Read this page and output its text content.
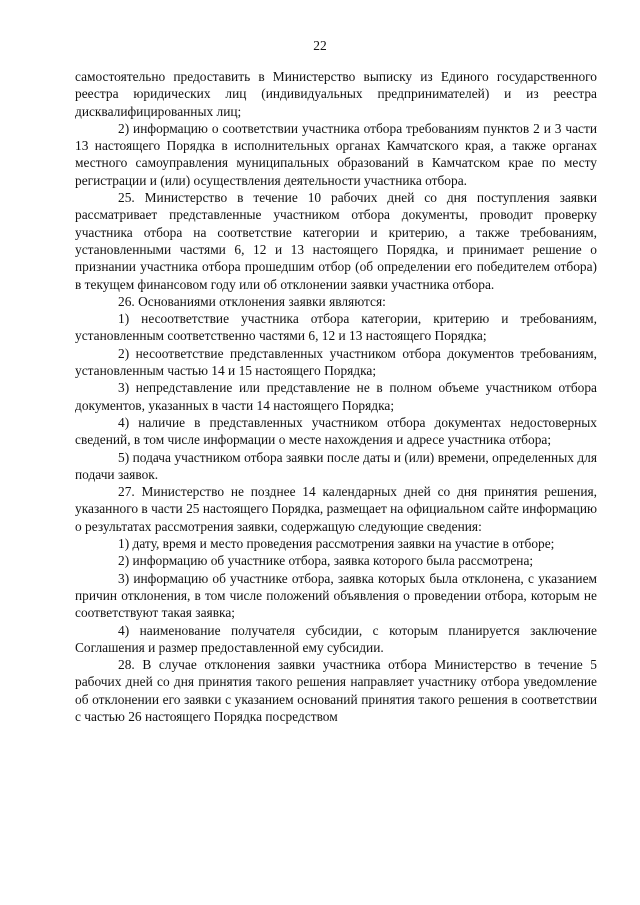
22

самостоятельно предоставить в Министерство выписку из Единого государственного реестра юридических лиц (индивидуальных предпринимателей) и из реестра дисквалифицированных лиц;

2) информацию о соответствии участника отбора требованиям пунктов 2 и 3 части 13 настоящего Порядка в исполнительных органах Камчатского края, а также органах местного самоуправления муниципальных образований в Камчатском крае по месту регистрации и (или) осуществления деятельности участника отбора.

25. Министерство в течение 10 рабочих дней со дня поступления заявки рассматривает представленные участником отбора документы, проводит проверку участника отбора на соответствие категории и критерию, а также требованиям, установленными частями 6, 12 и 13 настоящего Порядка, и принимает решение о признании участника отбора прошедшим отбор (об определении его победителем отбора) в текущем финансовом году или об отклонении заявки участника отбора.

26. Основаниями отклонения заявки являются:

1) несоответствие участника отбора категории, критерию и требованиям, установленным соответственно частями 6, 12 и 13 настоящего Порядка;

2) несоответствие представленных участником отбора документов требованиям, установленным частью 14 и 15 настоящего Порядка;

3) непредставление или представление не в полном объеме участником отбора документов, указанных в части 14 настоящего Порядка;

4) наличие в представленных участником отбора документах недостоверных сведений, в том числе информации о месте нахождения и адресе участника отбора;

5) подача участником отбора заявки после даты и (или) времени, определенных для подачи заявок.

27. Министерство не позднее 14 календарных дней со дня принятия решения, указанного в части 25 настоящего Порядка, размещает на официальном сайте информацию о результатах рассмотрения заявки, содержащую следующие сведения:

1) дату, время и место проведения рассмотрения заявки на участие в отборе;

2) информацию об участнике отбора, заявка которого была рассмотрена;

3) информацию об участнике отбора, заявка которых была отклонена, с указанием причин отклонения, в том числе положений объявления о проведении отбора, которым не соответствуют такая заявка;

4) наименование получателя субсидии, с которым планируется заключение Соглашения и размер предоставленной ему субсидии.

28. В случае отклонения заявки участника отбора Министерство в течение 5 рабочих дней со дня принятия такого решения направляет участнику отбора уведомление об отклонении его заявки с указанием оснований принятия такого решения в соответствии с частью 26 настоящего Порядка посредством
